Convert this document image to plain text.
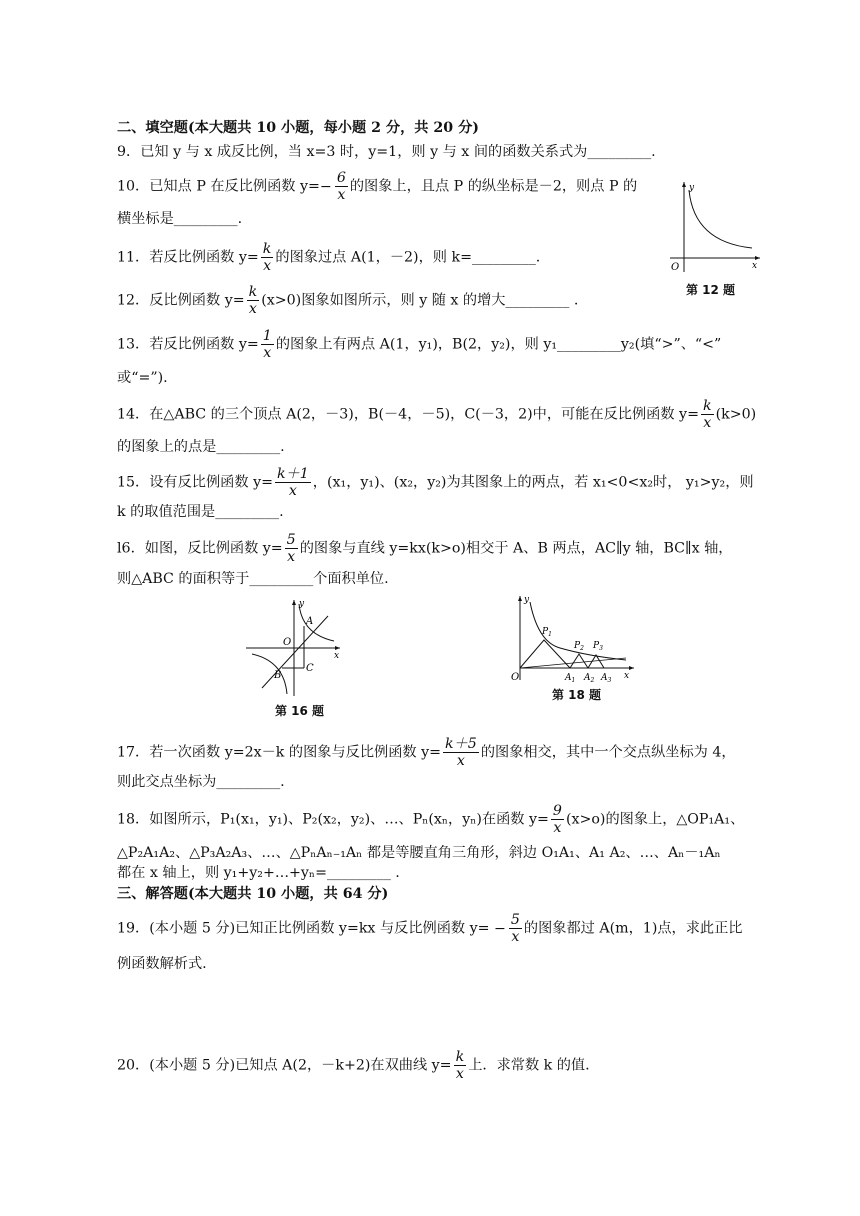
二、填空题(本大题共 10 小题，每小题 2 分，共 20 分)
9．已知 y 与 x 成反比例，当 x=3 时，y=1，则 y 与 x 间的函数关系式为_________.
10．已知点 P 在反比例函数 $y=- \frac{6}{x}$ 的图象上，且点 P 的纵坐标是－2，则点 P 的
横坐标是_________.
11．若反比例函数 $y= \frac{k}{x}$ 的图象过点 A(1，－2)，则 k=_________.
12．反比例函数 $y= \frac{k}{x} (x>0)$图象如图所示，则 y 随 x 的增大_________ .
13．若反比例函数 $y= \frac{1}{x}$ 的图象上有两点 A(1，y₁)，B(2，y₂)，则 y₁_________y₂(填“>”、“<”
或“=”).
14．在△ABC 的三个顶点 A(2，－3)，B(－4，－5)，C(－3，2)中，可能在反比例函数 $y= \frac{k}{x} (k>0)$
的图象上的点是_________.
15．设有反比例函数 $y= \frac{k+1}{x}$ ，(x₁，y₁)、(x₂，y₂)为其图象上的两点，若 x₁<0<x₂时， y₁>y₂，则
k 的取值范围是_________.
l6．如图，反比例函数 $y= \frac{5}{x}$ 的图象与直线 y=kx(k>o)相交于 A、B 两点，AC∥y 轴，BC∥x 轴，
则△ABC 的面积等于_________个面积单位.
y
x
O
A
B
C
第 16 题
y
x
O
$P_1$
$P_2$ $P_3$
$A_1$ $A_2$ $A_3$
第 18 题
y
x
O
第 12 题
17．若一次函数 y=2x－k 的图象与反比例函数 $y= \frac{k+5}{x}$ 的图象相交，其中一个交点纵坐标为 4，
则此交点坐标为_________.
18．如图所示，P₁(x₁，y₁)、P₂(x₂，y₂)、…、Pₙ(xₙ，yₙ)在函数 $y= \frac{9}{x} (x>o)$的图象上，△OP₁A₁、
△P₂A₁A₂、△P₃A₂A₃、…、△PₙAₙ₋₁Aₙ 都是等腰直角三角形，斜边 O₁A₁、A₁ A₂、…、Aₙ－₁Aₙ
都在 x 轴上，则 y₁+y₂+…+yₙ=_________ .
三、解答题(本大题共 10 小题，共 64 分)
19．(本小题 5 分)已知正比例函数 y=kx 与反比例函数 $y= - \frac{5}{x}$ 的图象都过 A(m，1)点，求此正比
例函数解析式.
20．(本小题 5 分)已知点 A(2，－k+2)在双曲线 $y= \frac{k}{x}$ 上．求常数 k 的值.
